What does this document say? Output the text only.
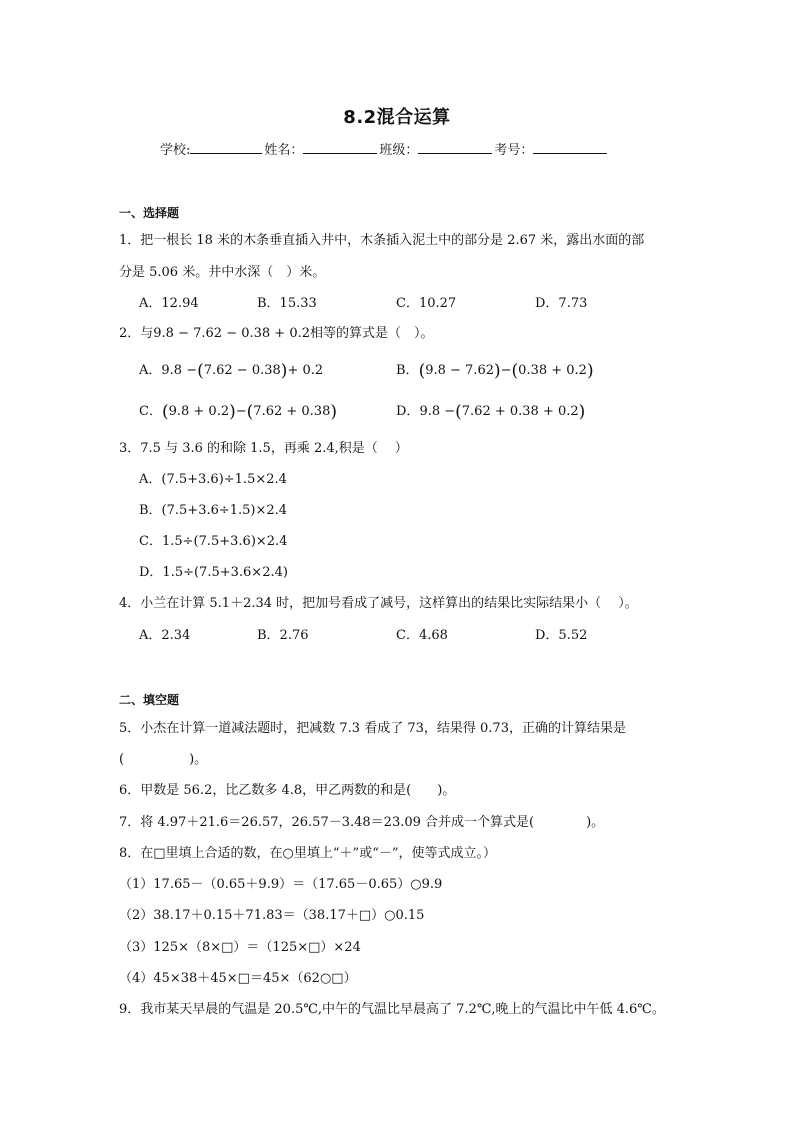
8.2混合运算
学校:	姓名：	班级：	考号：
一、选择题
1．把一根长 18 米的木条垂直插入井中，木条插入泥土中的部分是 2.67 米，露出水面的部
分是 5.06 米。井中水深（　）米。
A．12.94	B．15.33	C．10.27	D．7.73
2．与9.8 − 7.62 − 0.38 + 0.2相等的算式是（　）。
A．9.8 −(7.62 − 0.38)+ 0.2	B．(9.8 − 7.62)−(0.38 + 0.2)
C．(9.8 + 0.2)−(7.62 + 0.38)	D．9.8 −(7.62 + 0.38 + 0.2)
3．7.5 与 3.6 的和除 1.5，再乘 2.4,积是（　 ）
A．(7.5+3.6)÷1.5×2.4
B．(7.5+3.6÷1.5)×2.4
C．1.5÷(7.5+3.6)×2.4
D．1.5÷(7.5+3.6×2.4)
4．小兰在计算 5.1＋2.34 时，把加号看成了减号，这样算出的结果比实际结果小（　 ）。
A．2.34	B．2.76	C．4.68	D．5.52
二、填空题
5．小杰在计算一道减法题时，把减数 7.3 看成了 73，结果得 0.73，正确的计算结果是
(　　　　　)。
6．甲数是 56.2，比乙数多 4.8，甲乙两数的和是(　　)。
7．将 4.97＋21.6＝26.57，26.57－3.48＝23.09 合并成一个算式是(　　　　)。
8．在□里填上合适的数，在○里填上“＋”或“－”，使等式成立。）
（1）17.65－（0.65＋9.9）＝（17.65－0.65）○9.9
（2）38.17＋0.15＋71.83＝（38.17＋□）○0.15
（3）125×（8×□）＝（125×□）×24
（4）45×38＋45×□＝45×（62○□）
9．我市某天早晨的气温是 20.5℃,中午的气温比早晨高了 7.2℃,晚上的气温比中午低 4.6℃。
